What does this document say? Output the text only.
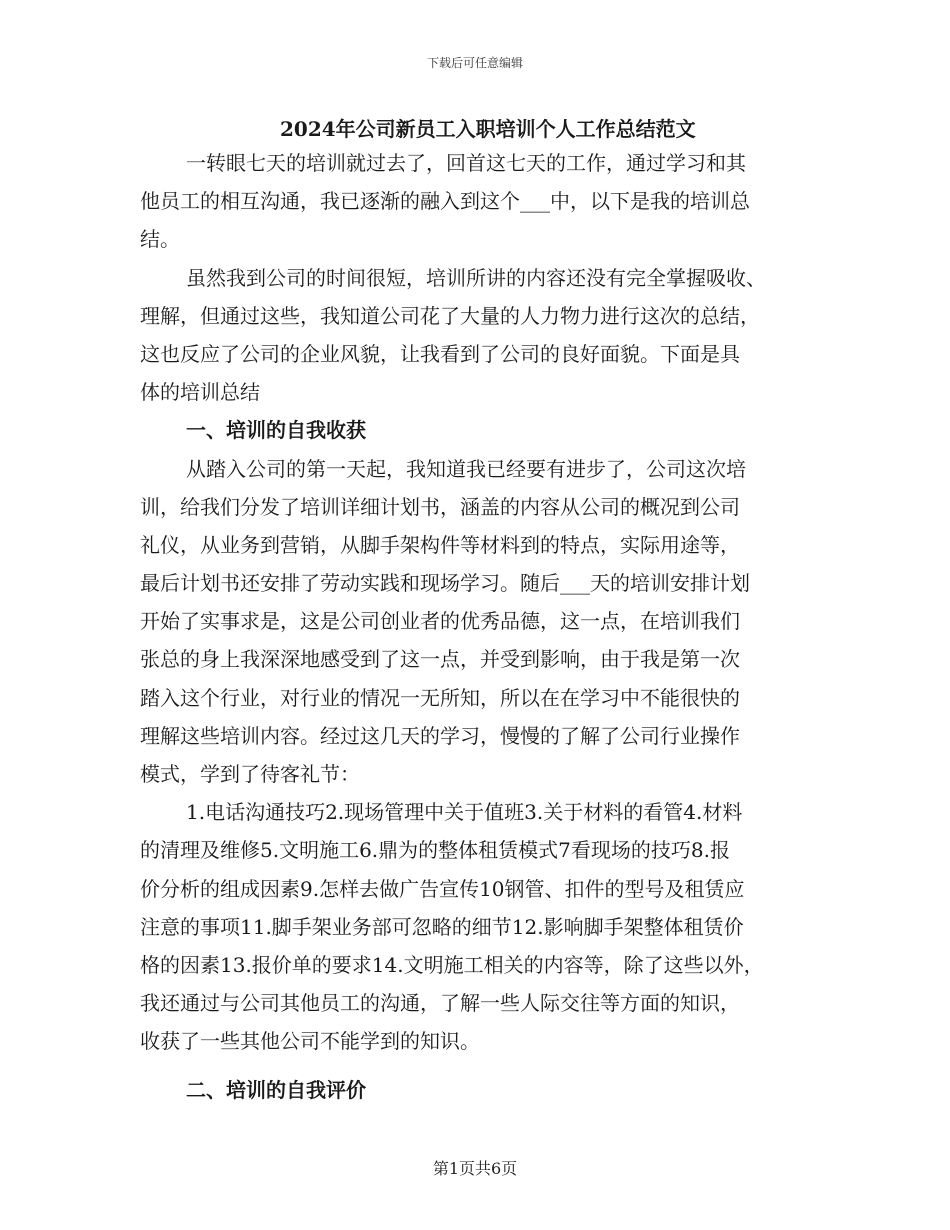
下载后可任意编辑
2024年公司新员工入职培训个人工作总结范文
一转眼七天的培训就过去了，回首这七天的工作，通过学习和其
他员工的相互沟通，我已逐渐的融入到这个___中，以下是我的培训总
结。
虽然我到公司的时间很短，培训所讲的内容还没有完全掌握吸收、
理解，但通过这些，我知道公司花了大量的人力物力进行这次的总结，
这也反应了公司的企业风貌，让我看到了公司的良好面貌。下面是具
体的培训总结
一、培训的自我收获
从踏入公司的第一天起，我知道我已经要有进步了，公司这次培
训，给我们分发了培训详细计划书，涵盖的内容从公司的概况到公司
礼仪，从业务到营销，从脚手架构件等材料到的特点，实际用途等，
最后计划书还安排了劳动实践和现场学习。随后___天的培训安排计划
开始了实事求是，这是公司创业者的优秀品德，这一点，在培训我们
张总的身上我深深地感受到了这一点，并受到影响，由于我是第一次
踏入这个行业，对行业的情况一无所知，所以在在学习中不能很快的
理解这些培训内容。经过这几天的学习，慢慢的了解了公司行业操作
模式，学到了待客礼节：
1.电话沟通技巧2.现场管理中关于值班3.关于材料的看管4.材料
的清理及维修5.文明施工6.鼎为的整体租赁模式7看现场的技巧8.报
价分析的组成因素9.怎样去做广告宣传10钢管、扣件的型号及租赁应
注意的事项11.脚手架业务部可忽略的细节12.影响脚手架整体租赁价
格的因素13.报价单的要求14.文明施工相关的内容等，除了这些以外，
我还通过与公司其他员工的沟通，了解一些人际交往等方面的知识，
收获了一些其他公司不能学到的知识。
二、培训的自我评价
第1页共6页
